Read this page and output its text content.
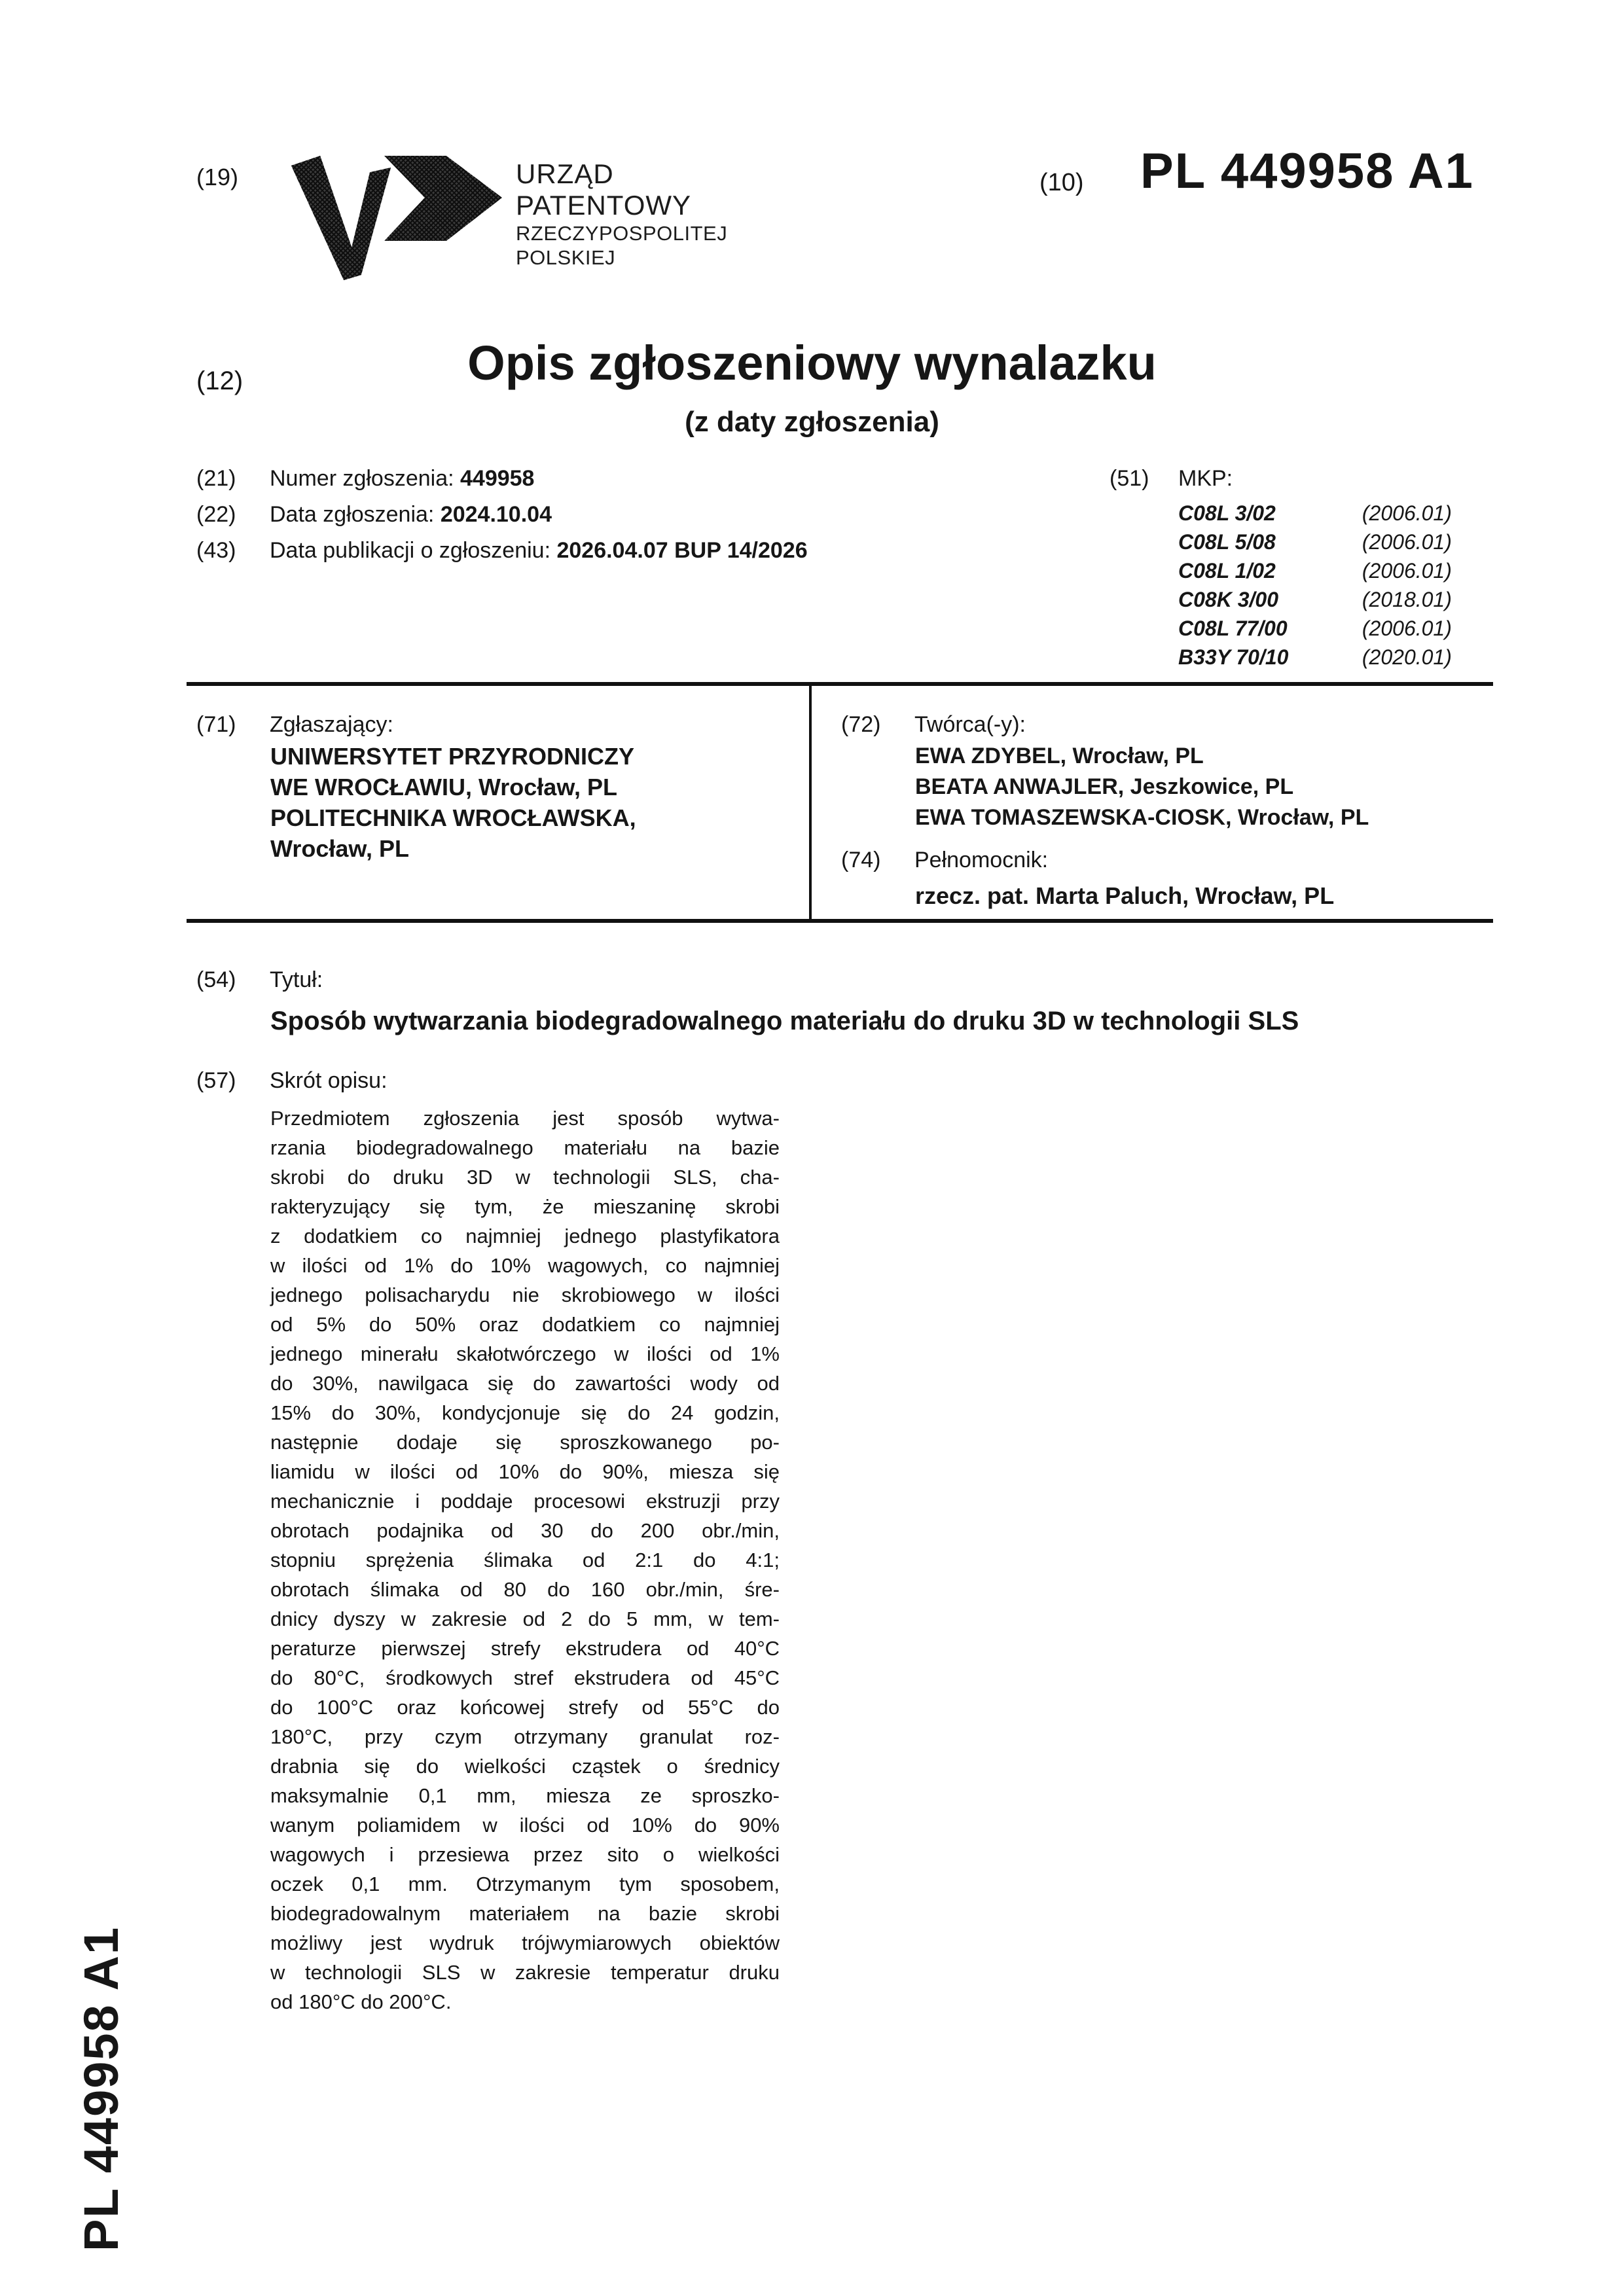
(19)	URZĄD
PATENTOWY
RZECZYPOSPOLITEJ
POLSKIEJ
(10) PL 449958 A1
(12)	Opis zgłoszeniowy wynalazku
(z daty zgłoszenia)
(21)	Numer zgłoszenia: 449958
(22)	Data zgłoszenia: 2024.10.04
(43)	Data publikacji o zgłoszeniu: 2026.04.07 BUP 14/2026
(51)	MKP:
C08L 3/02	(2006.01)
C08L 5/08	(2006.01)
C08L 1/02	(2006.01)
C08K 3/00	(2018.01)
C08L 77/00	(2006.01)
B33Y 70/10	(2020.01)
(71)	Zgłaszający:
UNIWERSYTET PRZYRODNICZY
WE WROCŁAWIU, Wrocław, PL
POLITECHNIKA WROCŁAWSKA,
Wrocław, PL
(72)	Twórca(-y):
EWA ZDYBEL, Wrocław, PL
BEATA ANWAJLER, Jeszkowice, PL
EWA TOMASZEWSKA-CIOSK, Wrocław, PL
(74)	Pełnomocnik:
rzecz. pat. Marta Paluch, Wrocław, PL
(54)	Tytuł:
Sposób wytwarzania biodegradowalnego materiału do druku 3D w technologii SLS
(57)	Skrót opisu:
Przedmiotem zgłoszenia jest sposób wytwa-
rzania biodegradowalnego materiału na bazie
skrobi do druku 3D w technologii SLS, cha-
rakteryzujący się tym, że mieszaninę skrobi
z dodatkiem co najmniej jednego plastyfikatora
w ilości od 1% do 10% wagowych, co najmniej
jednego polisacharydu nie skrobiowego w ilości
od 5% do 50% oraz dodatkiem co najmniej
jednego minerału skałotwórczego w ilości od 1%
do 30%, nawilgaca się do zawartości wody od
15% do 30%, kondycjonuje się do 24 godzin,
następnie dodaje się sproszkowanego po-
liamidu w ilości od 10% do 90%, miesza się
mechanicznie i poddaje procesowi ekstruzji przy
obrotach podajnika od 30 do 200 obr./min,
stopniu sprężenia ślimaka od 2:1 do 4:1;
obrotach ślimaka od 80 do 160 obr./min, śre-
dnicy dyszy w zakresie od 2 do 5 mm, w tem-
peraturze pierwszej strefy ekstrudera od 40°C
do 80°C, środkowych stref ekstrudera od 45°C
do 100°C oraz końcowej strefy od 55°C do
180°C, przy czym otrzymany granulat roz-
drabnia się do wielkości cząstek o średnicy
maksymalnie 0,1 mm, miesza ze sproszko-
wanym poliamidem w ilości od 10% do 90%
wagowych i przesiewa przez sito o wielkości
oczek 0,1 mm. Otrzymanym tym sposobem,
biodegradowalnym materiałem na bazie skrobi
możliwy jest wydruk trójwymiarowych obiektów
w technologii SLS w zakresie temperatur druku
od 180°C do 200°C.
PL 449958 A1
